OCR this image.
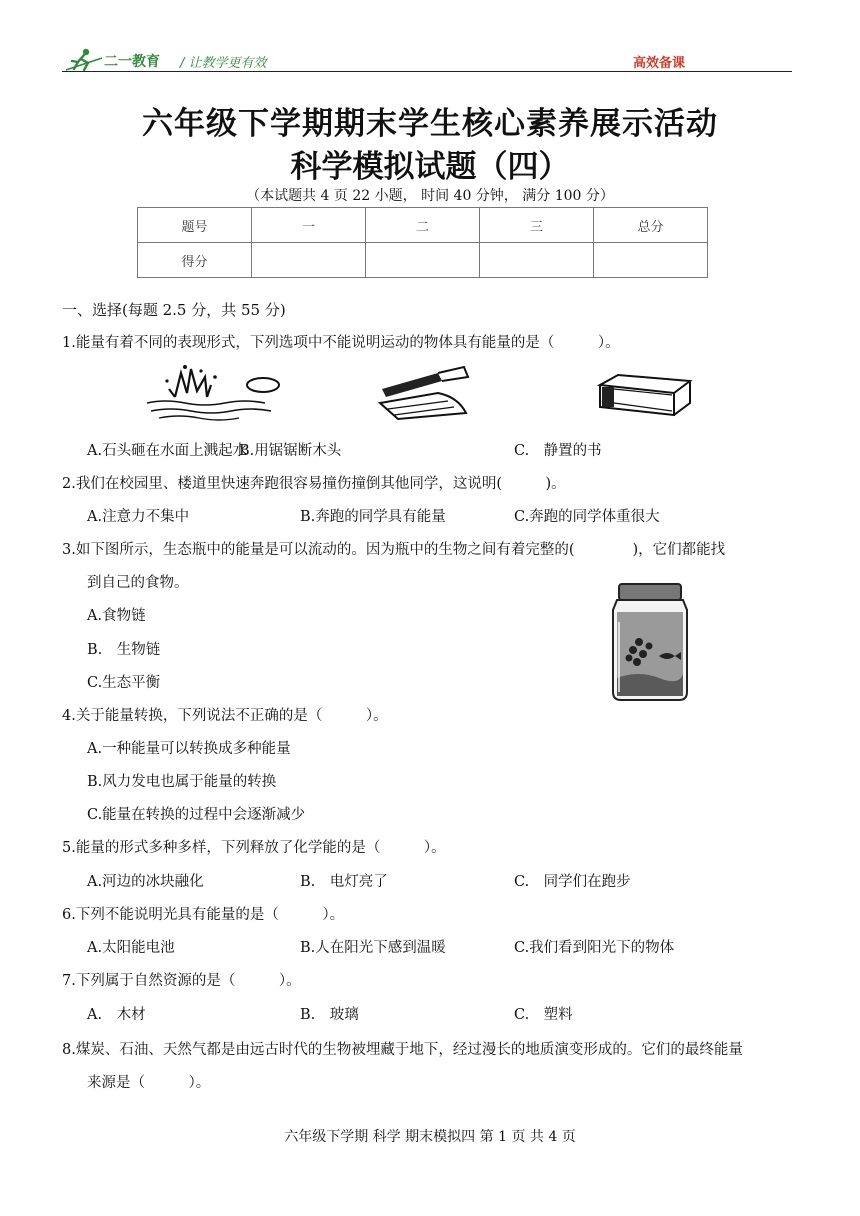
二一教育 / 让教学更有效	高效备课
六年级下学期期末学生核心素养展示活动
科学模拟试题（四）
（本试题共 4 页 22 小题， 时间 40 分钟， 满分 100 分）
题号	一	二	三	总分
得分				
一、选择(每题 2.5 分，共 55 分)
1.能量有着不同的表现形式，下列选项中不能说明运动的物体具有能量的是（　　　）。
A.石头砸在水面上溅起水
B.用锯锯断木头	C.　静置的书
2.我们在校园里、楼道里快速奔跑很容易撞伤撞倒其他同学，这说明(　　　)。
A.注意力不集中	B.奔跑的同学具有能量	C.奔跑的同学体重很大
3.如下图所示，生态瓶中的能量是可以流动的。因为瓶中的生物之间有着完整的(　　　　)，它们都能找
到自己的食物。
A.食物链
B.　生物链
C.生态平衡
4.关于能量转换，下列说法不正确的是（　　　）。
A.一种能量可以转换成多种能量
B.风力发电也属于能量的转换
C.能量在转换的过程中会逐渐减少
5.能量的形式多种多样，下列释放了化学能的是（　　　）。
A.河边的冰块融化	B.　电灯亮了	C.　同学们在跑步
6.下列不能说明光具有能量的是（　　　）。
A.太阳能电池	B.人在阳光下感到温暖	C.我们看到阳光下的物体
7.下列属于自然资源的是（　　　）。
A.　木材	B.　玻璃	C.　塑料
8.煤炭、石油、天然气都是由远古时代的生物被埋藏于地下，经过漫长的地质演变形成的。它们的最终能量
来源是（　　　）。
六年级下学期 科学 期末模拟四 第 1 页 共 4 页
